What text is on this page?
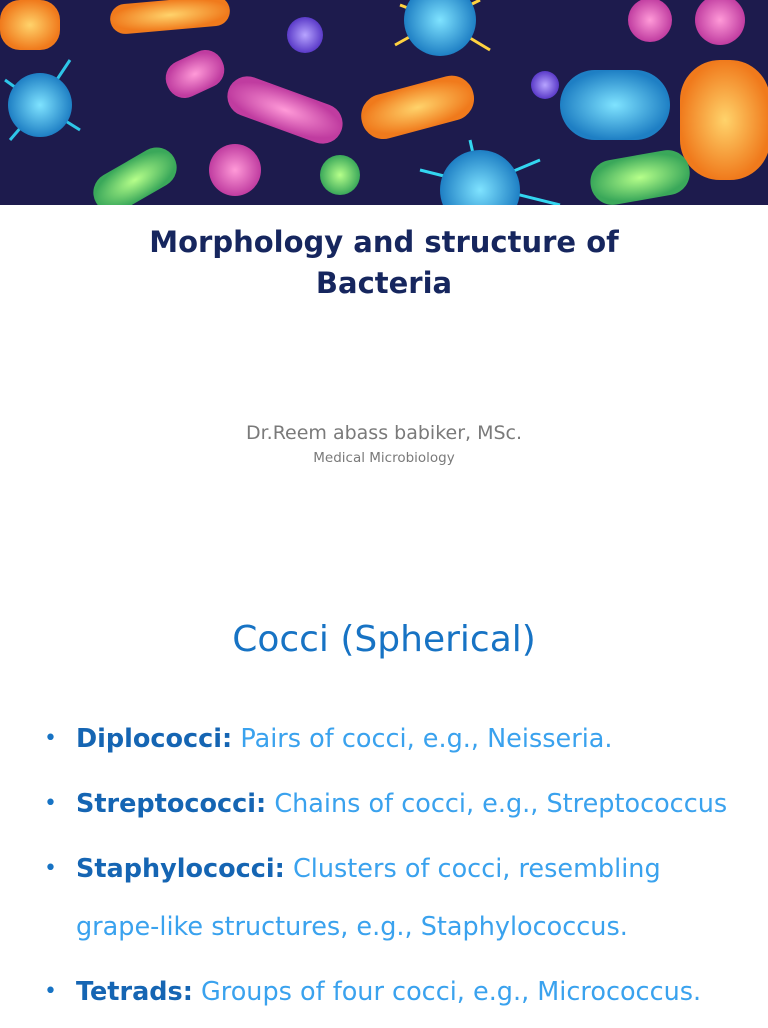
Morphology and structure of
Bacteria
Dr.Reem abass babiker, MSc.
Medical Microbiology
Cocci (Spherical)
• Diplococci: Pairs of cocci, e.g., Neisseria.
• Streptococci: Chains of cocci, e.g., Streptococcus
• Staphylococci: Clusters of cocci, resembling grape-like structures, e.g., Staphylococcus.
• Tetrads: Groups of four cocci, e.g., Micrococcus.
